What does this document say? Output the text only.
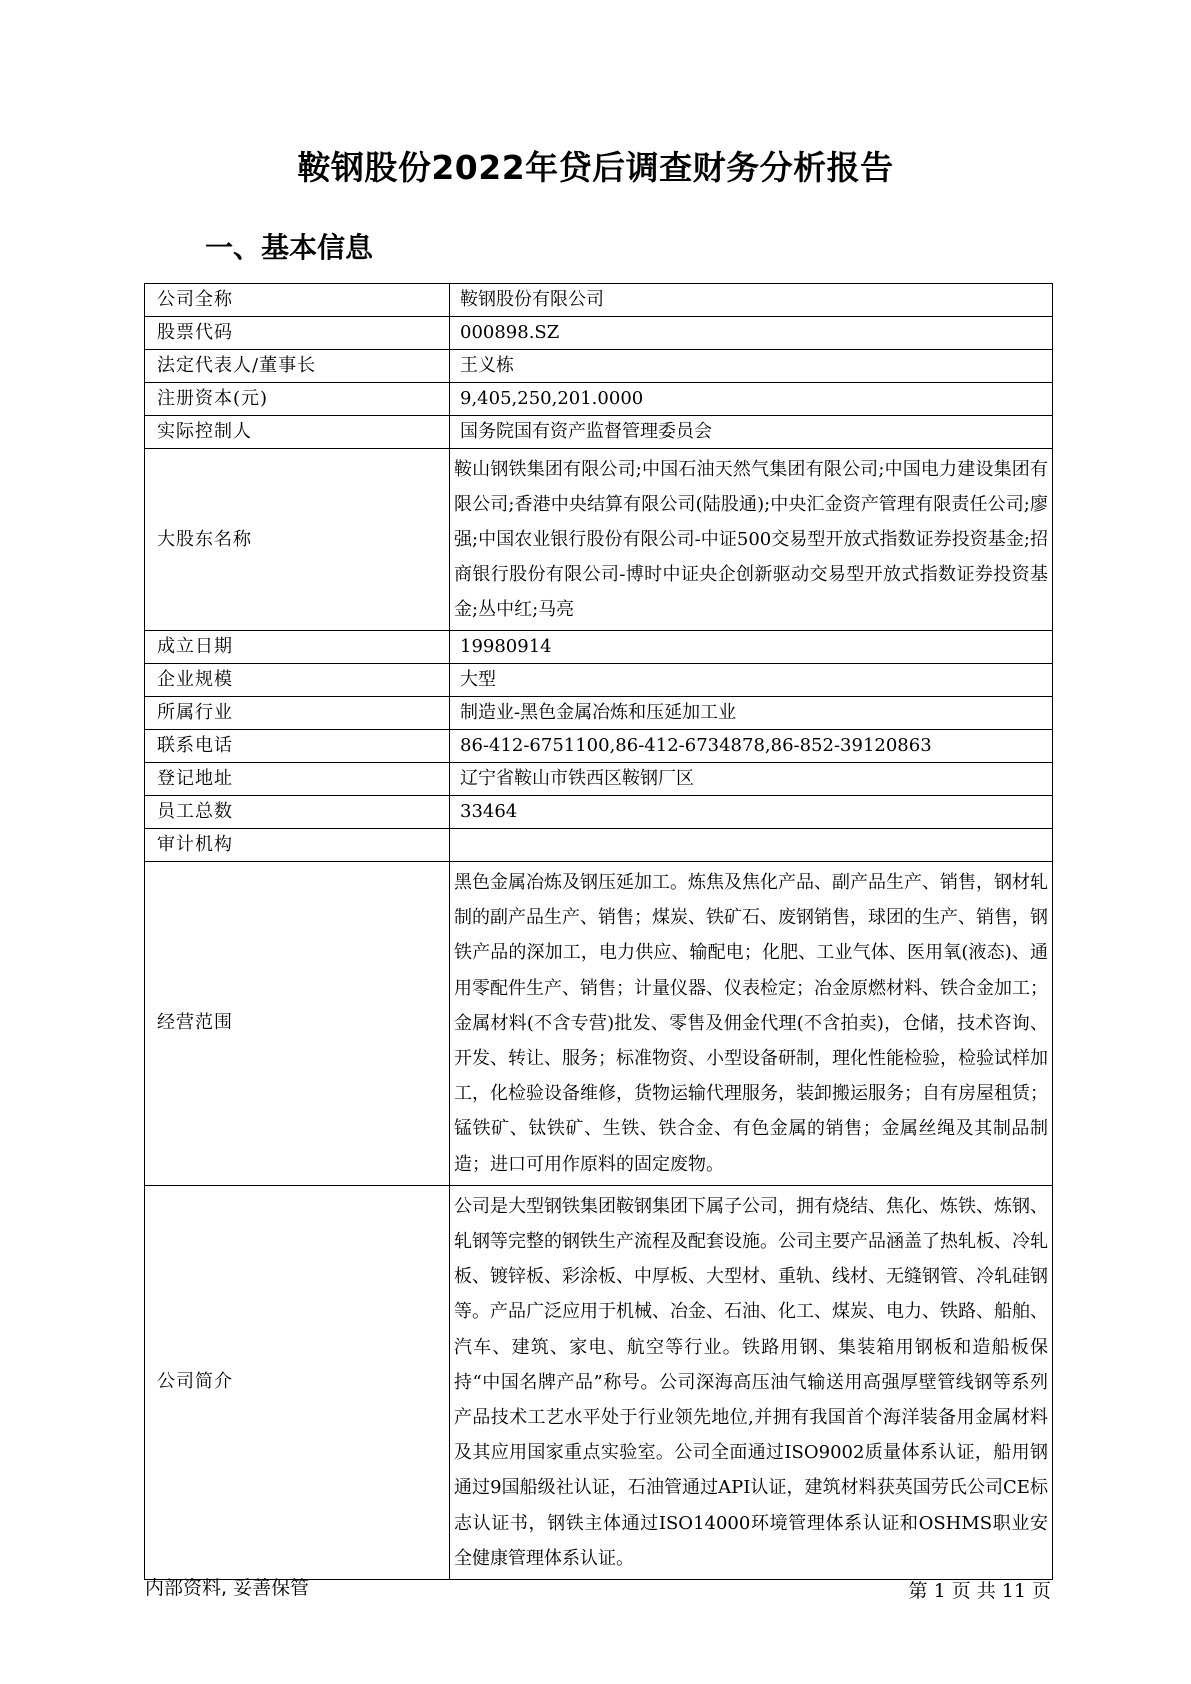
鞍钢股份2022年贷后调查财务分析报告
一、基本信息
公司全称	鞍钢股份有限公司
股票代码	000898.SZ
法定代表人/董事长	王义栋
注册资本(元)	9,405,250,201.0000
实际控制人	国务院国有资产监督管理委员会
大股东名称	鞍山钢铁集团有限公司;中国石油天然气集团有限公司;中国电力建设集团有限公司;香港中央结算有限公司(陆股通);中央汇金资产管理有限责任公司;廖强;中国农业银行股份有限公司-中证500交易型开放式指数证券投资基金;招商银行股份有限公司-博时中证央企创新驱动交易型开放式指数证券投资基金;丛中红;马亮
成立日期	19980914
企业规模	大型
所属行业	制造业-黑色金属冶炼和压延加工业
联系电话	86-412-6751100,86-412-6734878,86-852-39120863
登记地址	辽宁省鞍山市铁西区鞍钢厂区
员工总数	33464
审计机构	
经营范围	黑色金属冶炼及钢压延加工。炼焦及焦化产品、副产品生产、销售，钢材轧制的副产品生产、销售；煤炭、铁矿石、废钢销售，球团的生产、销售，钢铁产品的深加工，电力供应、输配电；化肥、工业气体、医用氧(液态)、通用零配件生产、销售；计量仪器、仪表检定；冶金原燃材料、铁合金加工；金属材料(不含专营)批发、零售及佣金代理(不含拍卖)，仓储，技术咨询、开发、转让、服务；标准物资、小型设备研制，理化性能检验，检验试样加工，化检验设备维修，货物运输代理服务，装卸搬运服务；自有房屋租赁；锰铁矿、钛铁矿、生铁、铁合金、有色金属的销售；金属丝绳及其制品制造；进口可用作原料的固定废物。
公司简介	公司是大型钢铁集团鞍钢集团下属子公司，拥有烧结、焦化、炼铁、炼钢、轧钢等完整的钢铁生产流程及配套设施。公司主要产品涵盖了热轧板、冷轧板、镀锌板、彩涂板、中厚板、大型材、重轨、线材、无缝钢管、冷轧硅钢等。产品广泛应用于机械、冶金、石油、化工、煤炭、电力、铁路、船舶、汽车、建筑、家电、航空等行业。铁路用钢、集装箱用钢板和造船板保持“中国名牌产品”称号。公司深海高压油气输送用高强厚壁管线钢等系列产品技术工艺水平处于行业领先地位,并拥有我国首个海洋装备用金属材料及其应用国家重点实验室。公司全面通过ISO9002质量体系认证，船用钢通过9国船级社认证，石油管通过API认证，建筑材料获英国劳氏公司CE标志认证书，钢铁主体通过ISO14000环境管理体系认证和OSHMS职业安全健康管理体系认证。
内部资料, 妥善保管	第 1 页 共 11 页
